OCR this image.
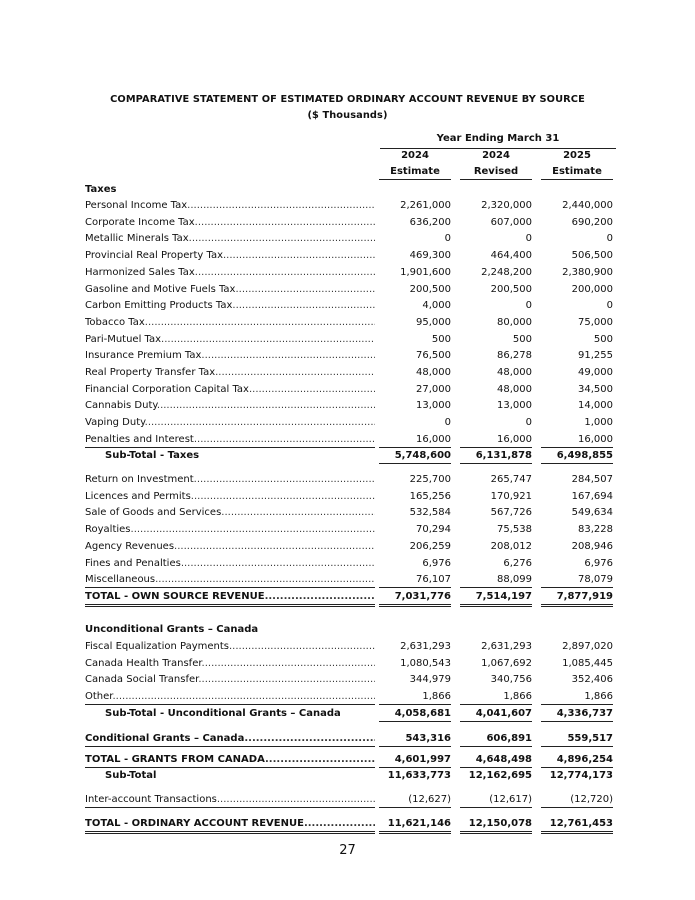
COMPARATIVE STATEMENT OF ESTIMATED ORDINARY ACCOUNT REVENUE BY SOURCE
($ Thousands)
Year Ending March 31
2024	2024	2025
Estimate	Revised	Estimate
Taxes
Personal Income Tax .....	2,261,000	2,320,000	2,440,000
Corporate Income Tax .....	636,200	607,000	690,200
Metallic Minerals Tax .....	0	0	0
Provincial Real Property Tax .....	469,300	464,400	506,500
Harmonized Sales Tax .....	1,901,600	2,248,200	2,380,900
Gasoline and Motive Fuels Tax .....	200,500	200,500	200,000
Carbon Emitting Products Tax .....	4,000	0	0
Tobacco Tax .....	95,000	80,000	75,000
Pari-Mutuel Tax .....	500	500	500
Insurance Premium Tax .....	76,500	86,278	91,255
Real Property Transfer Tax .....	48,000	48,000	49,000
Financial Corporation Capital Tax .....	27,000	48,000	34,500
Cannabis Duty .....	13,000	13,000	14,000
Vaping Duty .....	0	0	1,000
Penalties and Interest .....	16,000	16,000	16,000
Sub-Total - Taxes	5,748,600	6,131,878	6,498,855
Return on Investment .....	225,700	265,747	284,507
Licences and Permits .....	165,256	170,921	167,694
Sale of Goods and Services .....	532,584	567,726	549,634
Royalties .....	70,294	75,538	83,228
Agency Revenues .....	206,259	208,012	208,946
Fines and Penalties .....	6,976	6,276	6,976
Miscellaneous .....	76,107	88,099	78,079
TOTAL - OWN SOURCE REVENUE .....	7,031,776	7,514,197	7,877,919
Unconditional Grants – Canada
Fiscal Equalization Payments .....	2,631,293	2,631,293	2,897,020
Canada Health Transfer .....	1,080,543	1,067,692	1,085,445
Canada Social Transfer .....	344,979	340,756	352,406
Other .....	1,866	1,866	1,866
Sub-Total - Unconditional Grants – Canada	4,058,681	4,041,607	4,336,737
Conditional Grants – Canada .....	543,316	606,891	559,517
TOTAL - GRANTS FROM CANADA .....	4,601,997	4,648,498	4,896,254
Sub-Total	11,633,773	12,162,695	12,774,173
Inter-account Transactions .....	(12,627)	(12,617)	(12,720)
TOTAL - ORDINARY ACCOUNT REVENUE .....	11,621,146	12,150,078	12,761,453
27
